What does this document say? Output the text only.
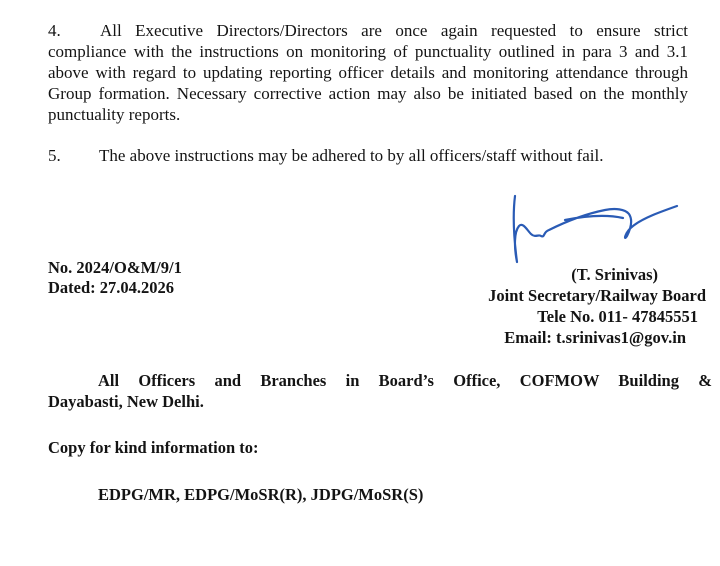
4. All Executive Directors/Directors are once again requested to ensure strict compliance with the instructions on monitoring of punctuality outlined in para 3 and 3.1 above with regard to updating reporting officer details and monitoring attendance through Group formation. Necessary corrective action may also be initiated based on the monthly punctuality reports.
5. The above instructions may be adhered to by all officers/staff without fail.
No. 2024/O&M/9/1
Dated: 27.04.2026
(T. Srinivas)
Joint Secretary/Railway Board
Tele No. 011- 47845551
Email: t.srinivas1@gov.in
All Officers and Branches in Board’s Office, COFMOW Building &
Dayabasti, New Delhi.
Copy for kind information to:
EDPG/MR, EDPG/MoSR(R), JDPG/MoSR(S)
